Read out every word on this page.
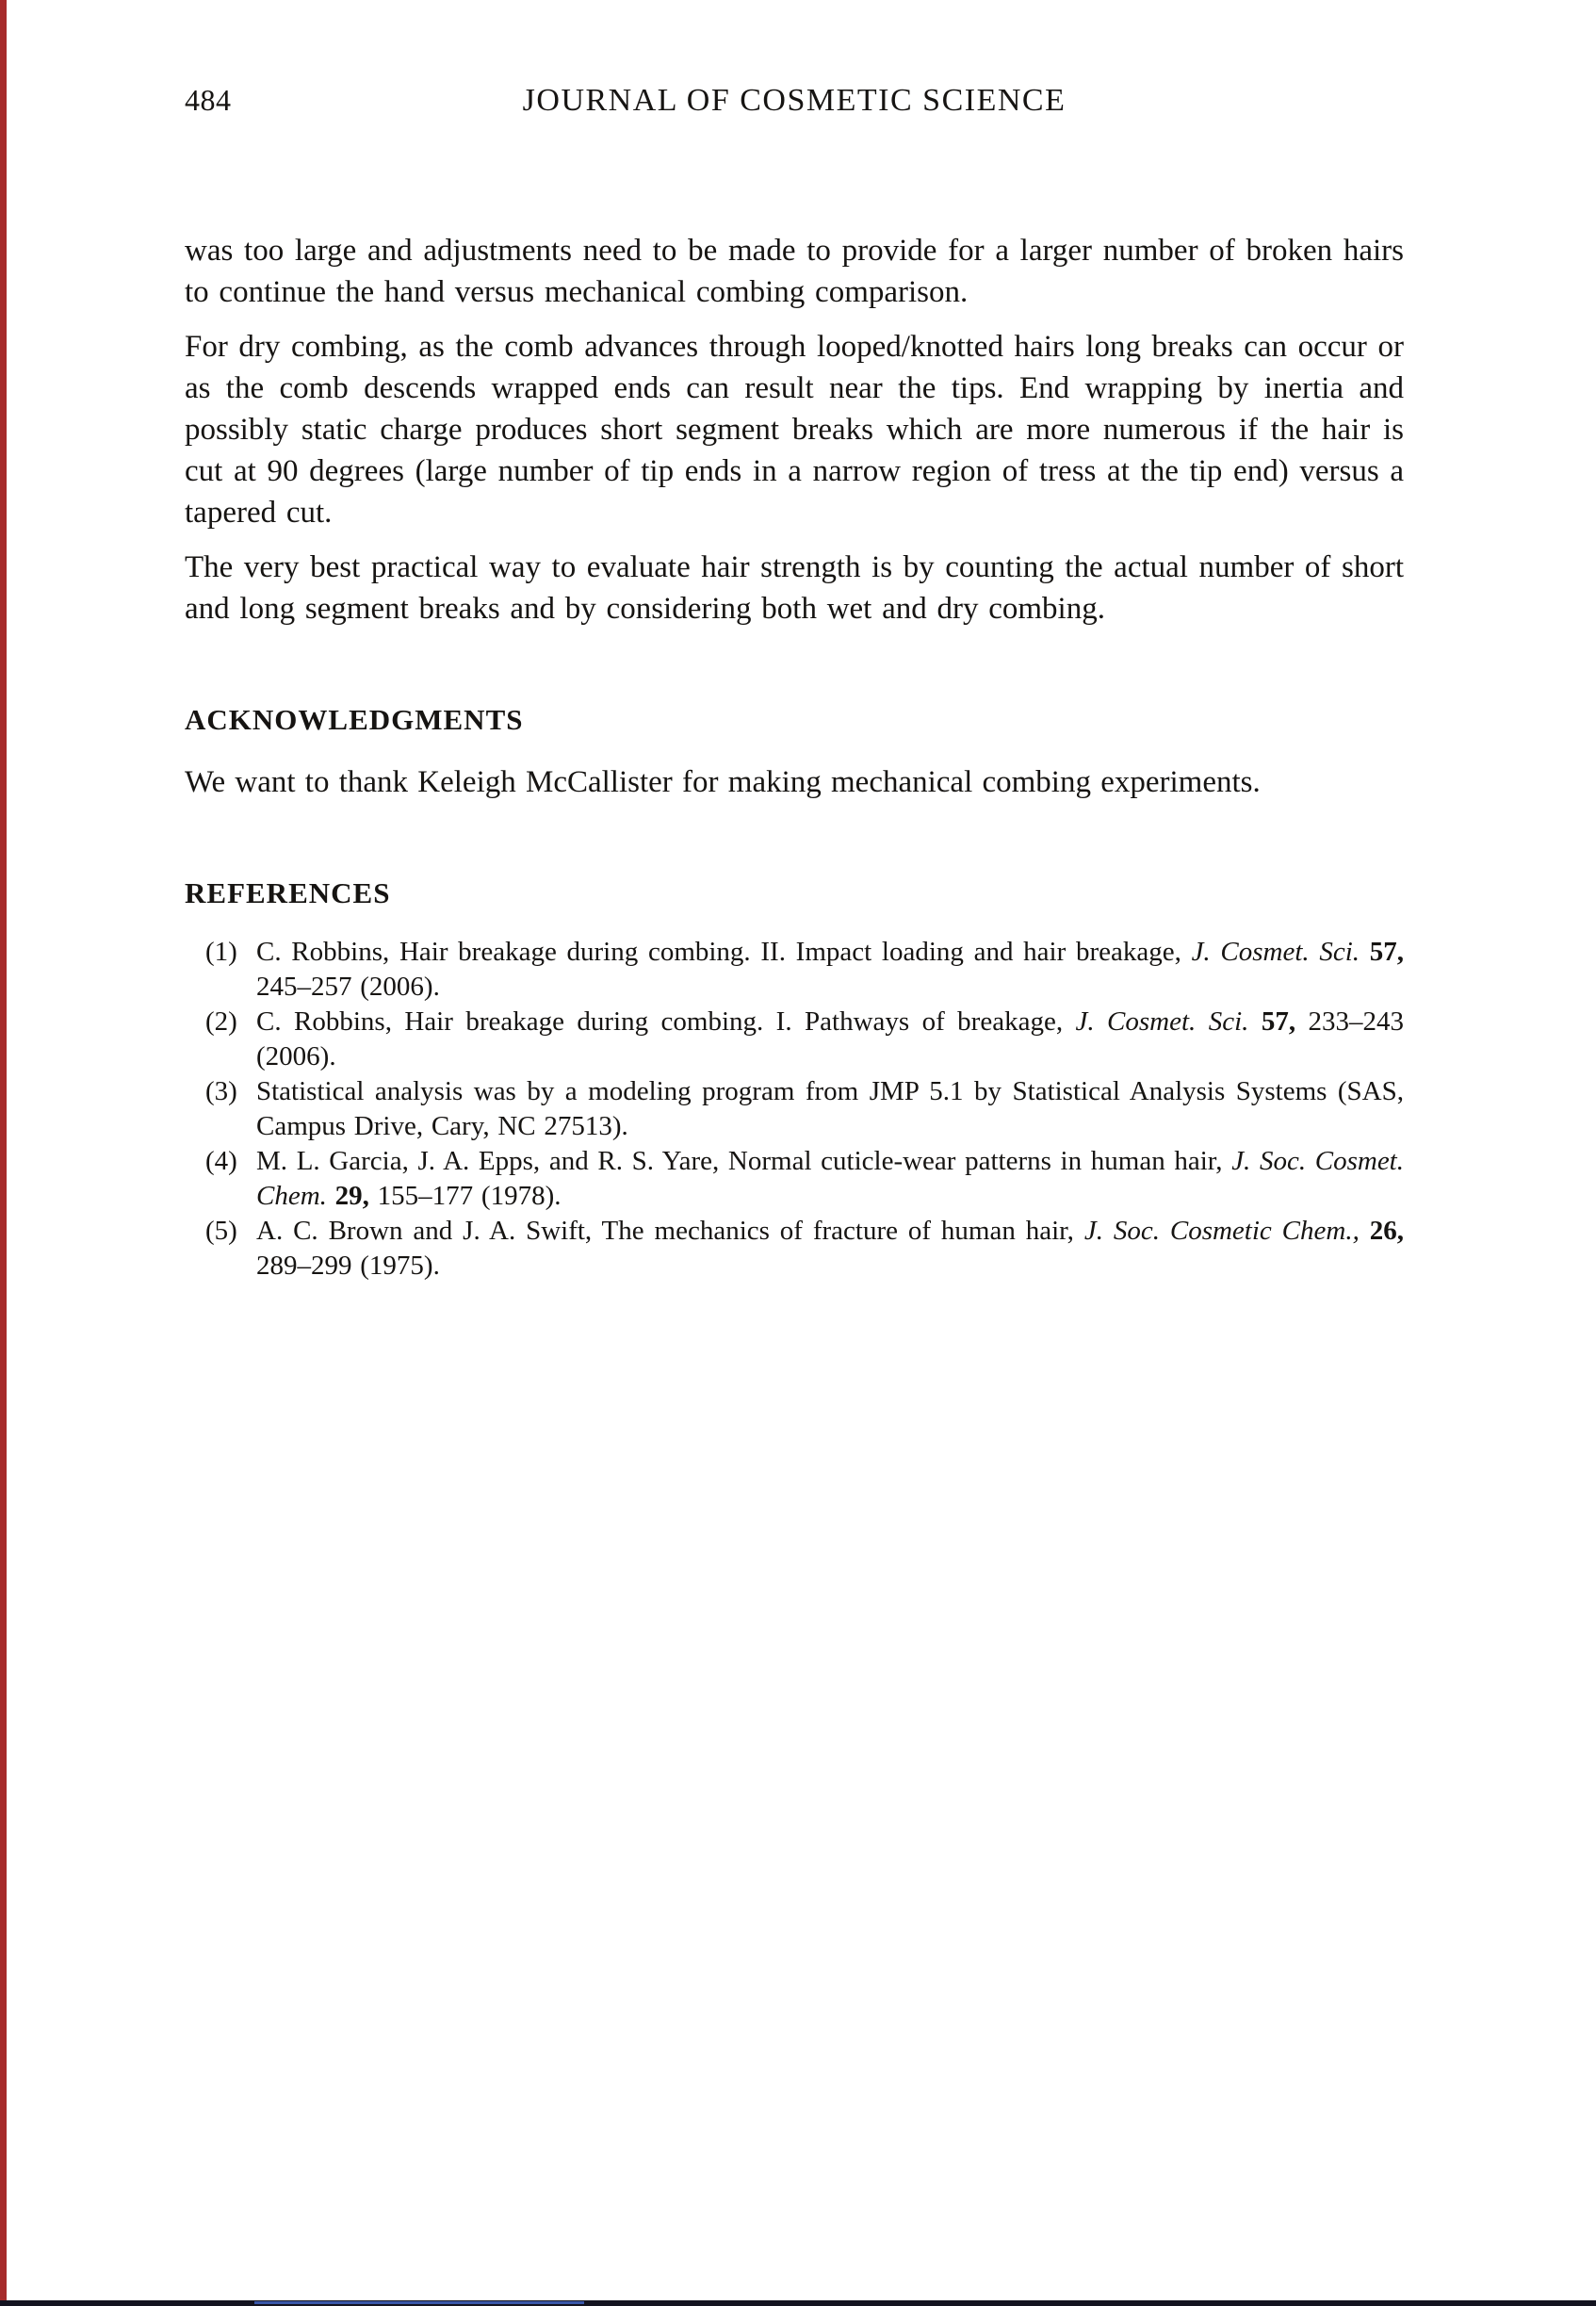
484	JOURNAL OF COSMETIC SCIENCE

was too large and adjustments need to be made to provide for a larger number of broken hairs to continue the hand versus mechanical combing comparison.

For dry combing, as the comb advances through looped/knotted hairs long breaks can occur or as the comb descends wrapped ends can result near the tips. End wrapping by inertia and possibly static charge produces short segment breaks which are more numerous if the hair is cut at 90 degrees (large number of tip ends in a narrow region of tress at the tip end) versus a tapered cut.

The very best practical way to evaluate hair strength is by counting the actual number of short and long segment breaks and by considering both wet and dry combing.

ACKNOWLEDGMENTS
We want to thank Keleigh McCallister for making mechanical combing experiments.
REFERENCES
(1) C. Robbins, Hair breakage during combing. II. Impact loading and hair breakage, J. Cosmet. Sci. 57, 245–257 (2006).
(2) C. Robbins, Hair breakage during combing. I. Pathways of breakage, J. Cosmet. Sci. 57, 233–243 (2006).
(3) Statistical analysis was by a modeling program from JMP 5.1 by Statistical Analysis Systems (SAS, Campus Drive, Cary, NC 27513).
(4) M. L. Garcia, J. A. Epps, and R. S. Yare, Normal cuticle-wear patterns in human hair, J. Soc. Cosmet. Chem. 29, 155–177 (1978).
(5) A. C. Brown and J. A. Swift, The mechanics of fracture of human hair, J. Soc. Cosmetic Chem., 26, 289–299 (1975).
